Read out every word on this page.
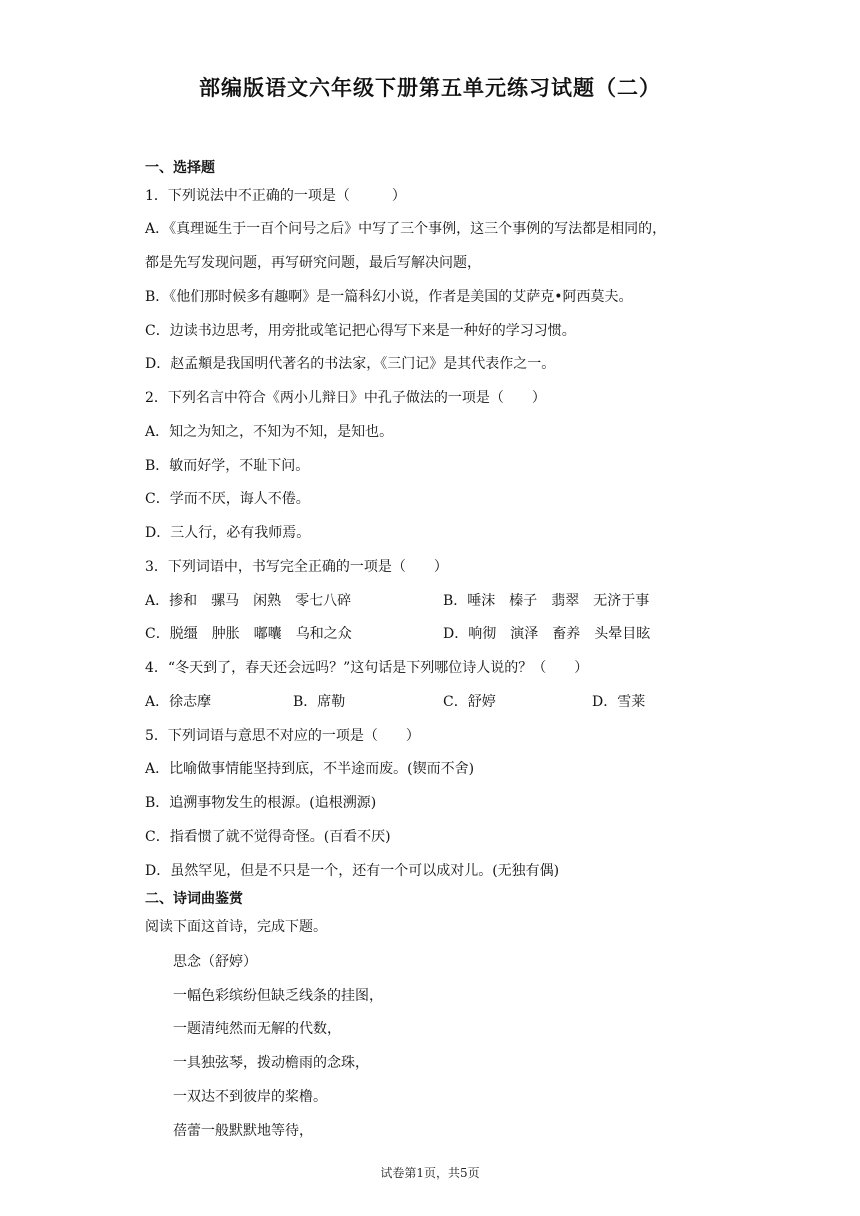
部编版语文六年级下册第五单元练习试题（二）
一、选择题
1．下列说法中不正确的一项是（　　　）
A．《真理诞生于一百个问号之后》中写了三个事例，这三个事例的写法都是相同的，
都是先写发现问题，再写研究问题，最后写解决问题，
B．《他们那时候多有趣啊》是一篇科幻小说，作者是美国的艾萨克•阿西莫夫。
C．边读书边思考，用旁批或笔记把心得写下来是一种好的学习习惯。
D．赵孟頫是我国明代著名的书法家，《三门记》是其代表作之一。
2．下列名言中符合《两小儿辩日》中孔子做法的一项是（　　）
A．知之为知之，不知为不知，是知也。
B．敏而好学，不耻下问。
C．学而不厌，诲人不倦。
D．三人行，必有我师焉。
3．下列词语中，书写完全正确的一项是（　　）
A．掺和　骡马　闲熟　零七八碎	B．唾沫　榛子　翡翠　无济于事
C．脱缰　肿胀　嘟囔　乌和之众	D．响彻　演泽　畜养　头晕目眩
4．“冬天到了，春天还会远吗？”这句话是下列哪位诗人说的？（　　）
A．徐志摩	B．席勒	C．舒婷	D．雪莱
5．下列词语与意思不对应的一项是（　　）
A．比喻做事情能坚持到底，不半途而废。(锲而不舍)
B．追溯事物发生的根源。(追根溯源)
C．指看惯了就不觉得奇怪。(百看不厌)
D．虽然罕见，但是不只是一个，还有一个可以成对儿。(无独有偶)
二、诗词曲鉴赏
阅读下面这首诗，完成下题。
思念（舒婷）
一幅色彩缤纷但缺乏线条的挂图，
一题清纯然而无解的代数，
一具独弦琴，拨动檐雨的念珠，
一双达不到彼岸的桨橹。
蓓蕾一般默默地等待，
试卷第1页，共5页
